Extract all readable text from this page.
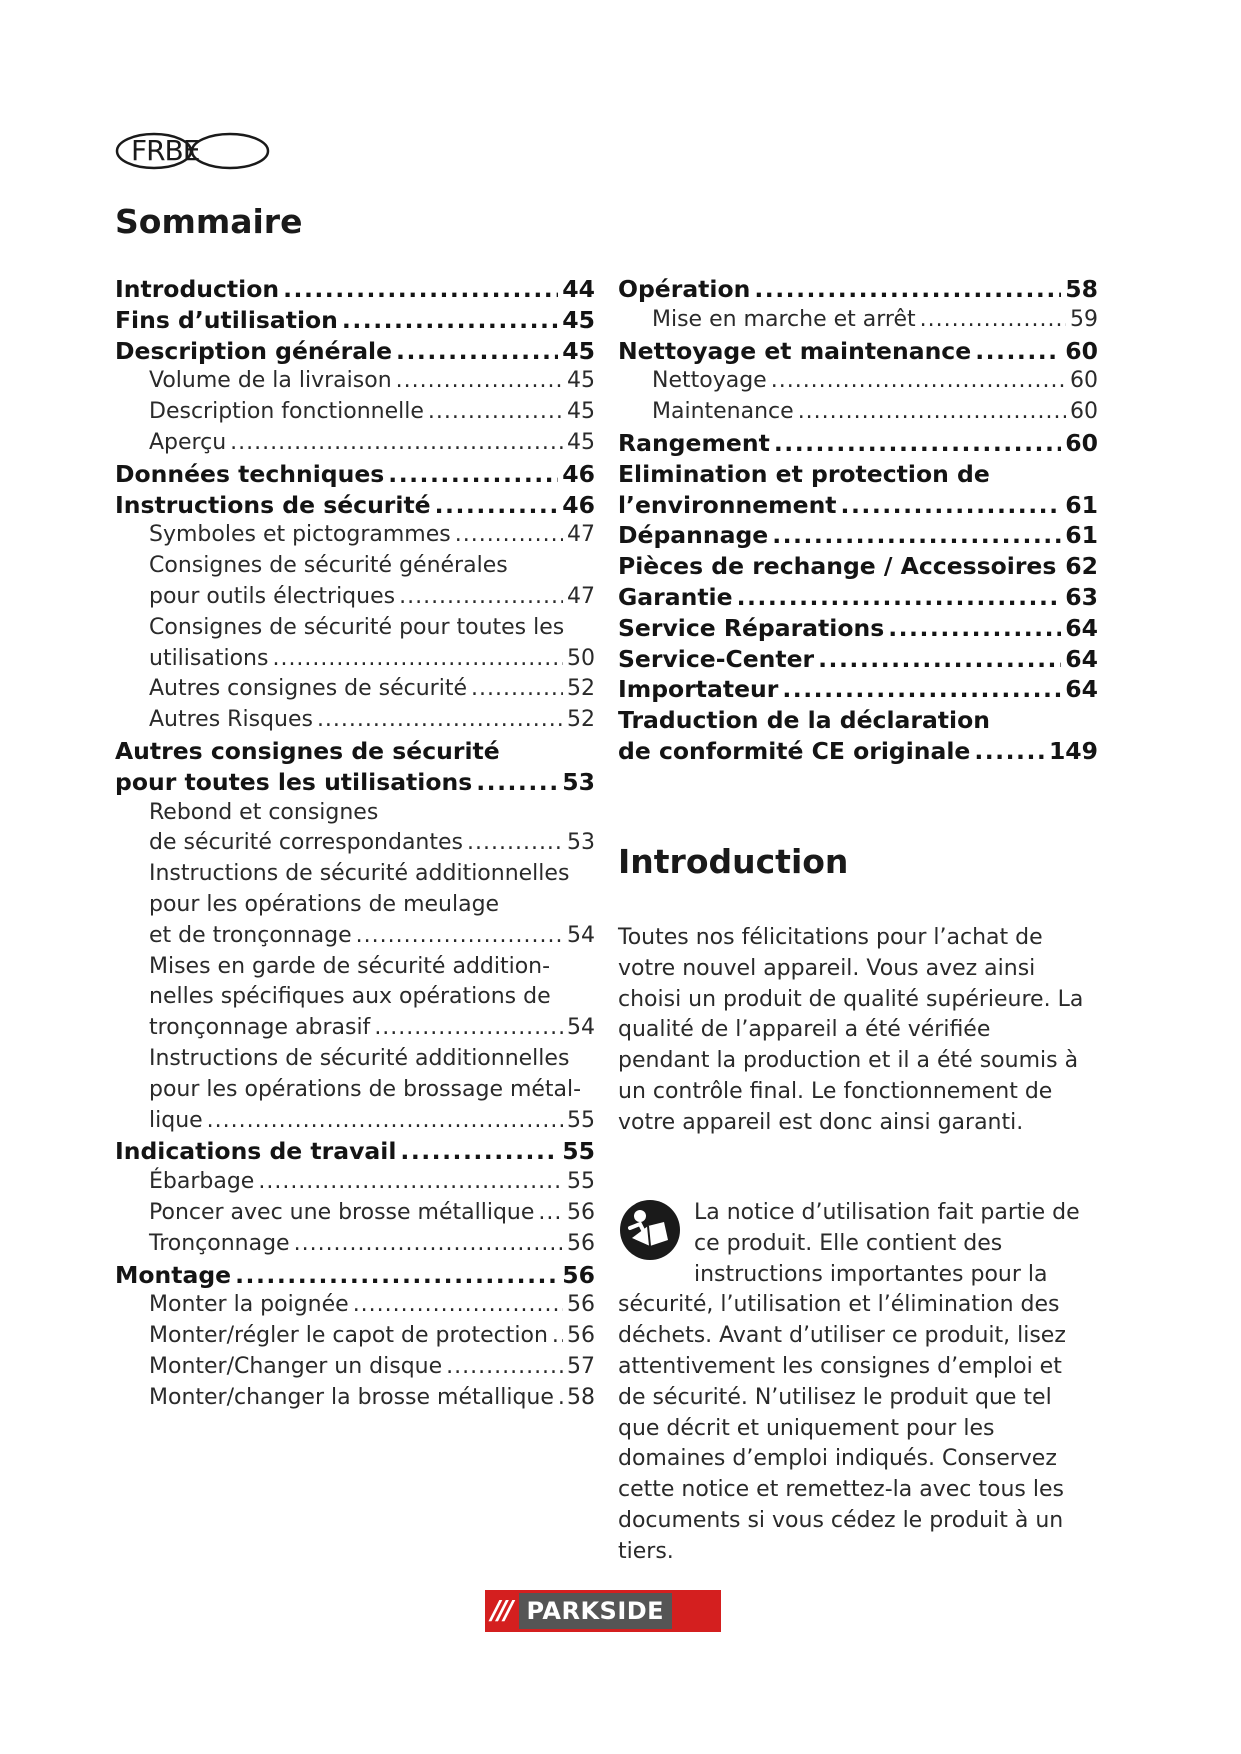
FRBE
Sommaire
Introduction .....	44
Fins d’utilisation .....	45
Description générale .....	45
Volume de la livraison .....	45
Description fonctionnelle .....	45
Aperçu .....	45
Données techniques .....	46
Instructions de sécurité .....	46
Symboles et pictogrammes .....	47
Consignes de sécurité générales
pour outils électriques .....	47
Consignes de sécurité pour toutes les
utilisations .....	50
Autres consignes de sécurité .....	52
Autres Risques .....	52
Autres consignes de sécurité
pour toutes les utilisations .....	53
Rebond et consignes
de sécurité correspondantes .....	53
Instructions de sécurité additionnelles
pour les opérations de meulage
et de tronçonnage .....	54
Mises en garde de sécurité addition-
nelles spécifiques aux opérations de
tronçonnage abrasif .....	54
Instructions de sécurité additionnelles
pour les opérations de brossage métal-
lique .....	55
Indications de travail .....	55
Ébarbage .....	55
Poncer avec une brosse métallique ..... 56
Tronçonnage .....	56
Montage .....	56
Monter la poignée .....	56
Monter/régler le capot de protection ..... 56
Monter/Changer un disque .....	57
Monter/changer la brosse métallique ..... 58
Opération .....	58
Mise en marche et arrêt .....	59
Nettoyage et maintenance .....	60
Nettoyage .....	60
Maintenance .....	60
Rangement .....	60
Elimination et protection de
l’environnement .....	61
Dépannage .....	61
Pièces de rechange / Accessoires ..... 62
Garantie .....	63
Service Réparations .....	64
Service-Center .....	64
Importateur .....	64
Traduction de la déclaration
de conformité CE originale .....	149
Introduction

Toutes nos félicitations pour l’achat de votre nouvel appareil. Vous avez ainsi choisi un produit de qualité supérieure. La qualité de l’appareil a été vérifiée pendant la production et il a été soumis à un contrôle final. Le fonctionnement de votre appareil est donc ainsi garanti.

La notice d’utilisation fait partie de ce produit. Elle contient des instructions importantes pour la sécurité, l’utilisation et l’élimination des déchets. Avant d’utiliser ce produit, lisez attentivement les consignes d’emploi et de sécurité. N’utilisez le produit que tel que décrit et uniquement pour les domaines d’emploi indiqués. Conservez cette notice et remettez-la avec tous les documents si vous cédez le produit à un tiers.
/// PARKSIDE
